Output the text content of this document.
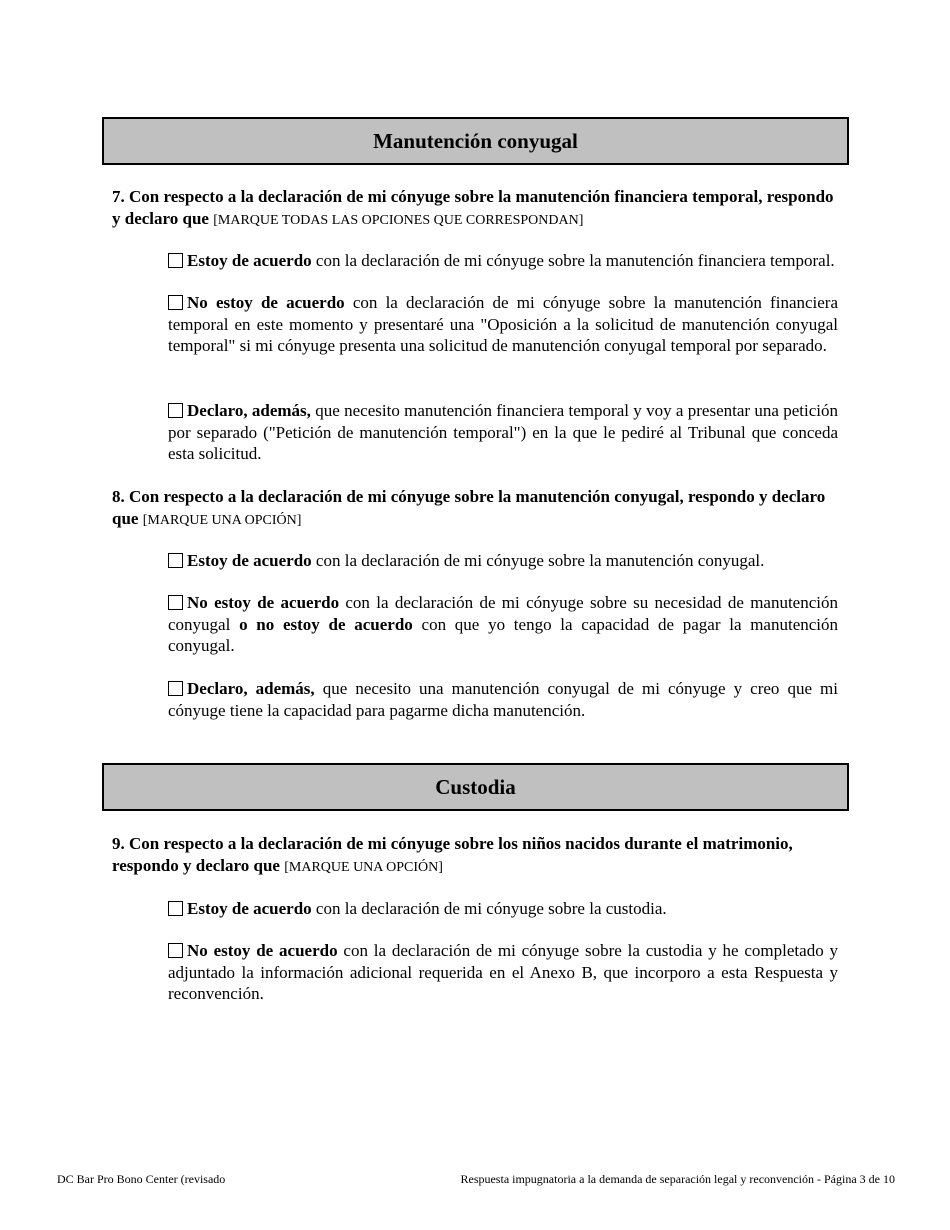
Manutención conyugal
7. Con respecto a la declaración de mi cónyuge sobre la manutención financiera temporal, respondo y declaro que [MARQUE TODAS LAS OPCIONES QUE CORRESPONDAN]
Estoy de acuerdo con la declaración de mi cónyuge sobre la manutención financiera temporal.
No estoy de acuerdo con la declaración de mi cónyuge sobre la manutención financiera temporal en este momento y presentaré una "Oposición a la solicitud de manutención conyugal temporal" si mi cónyuge presenta una solicitud de manutención conyugal temporal por separado.
Declaro, además, que necesito manutención financiera temporal y voy a presentar una petición por separado ("Petición de manutención temporal") en la que le pediré al Tribunal que conceda esta solicitud.
8. Con respecto a la declaración de mi cónyuge sobre la manutención conyugal, respondo y declaro que [MARQUE UNA OPCIÓN]
Estoy de acuerdo con la declaración de mi cónyuge sobre la manutención conyugal.
No estoy de acuerdo con la declaración de mi cónyuge sobre su necesidad de manutención conyugal o no estoy de acuerdo con que yo tengo la capacidad de pagar la manutención conyugal.
Declaro, además, que necesito una manutención conyugal de mi cónyuge y creo que mi cónyuge tiene la capacidad para pagarme dicha manutención.
Custodia
9. Con respecto a la declaración de mi cónyuge sobre los niños nacidos durante el matrimonio, respondo y declaro que [MARQUE UNA OPCIÓN]
Estoy de acuerdo con la declaración de mi cónyuge sobre la custodia.
No estoy de acuerdo con la declaración de mi cónyuge sobre la custodia y he completado y adjuntado la información adicional requerida en el Anexo B, que incorporo a esta Respuesta y reconvención.
DC Bar Pro Bono Center (revisado	Respuesta impugnatoria a la demanda de separación legal y reconvención - Página 3 de 10
